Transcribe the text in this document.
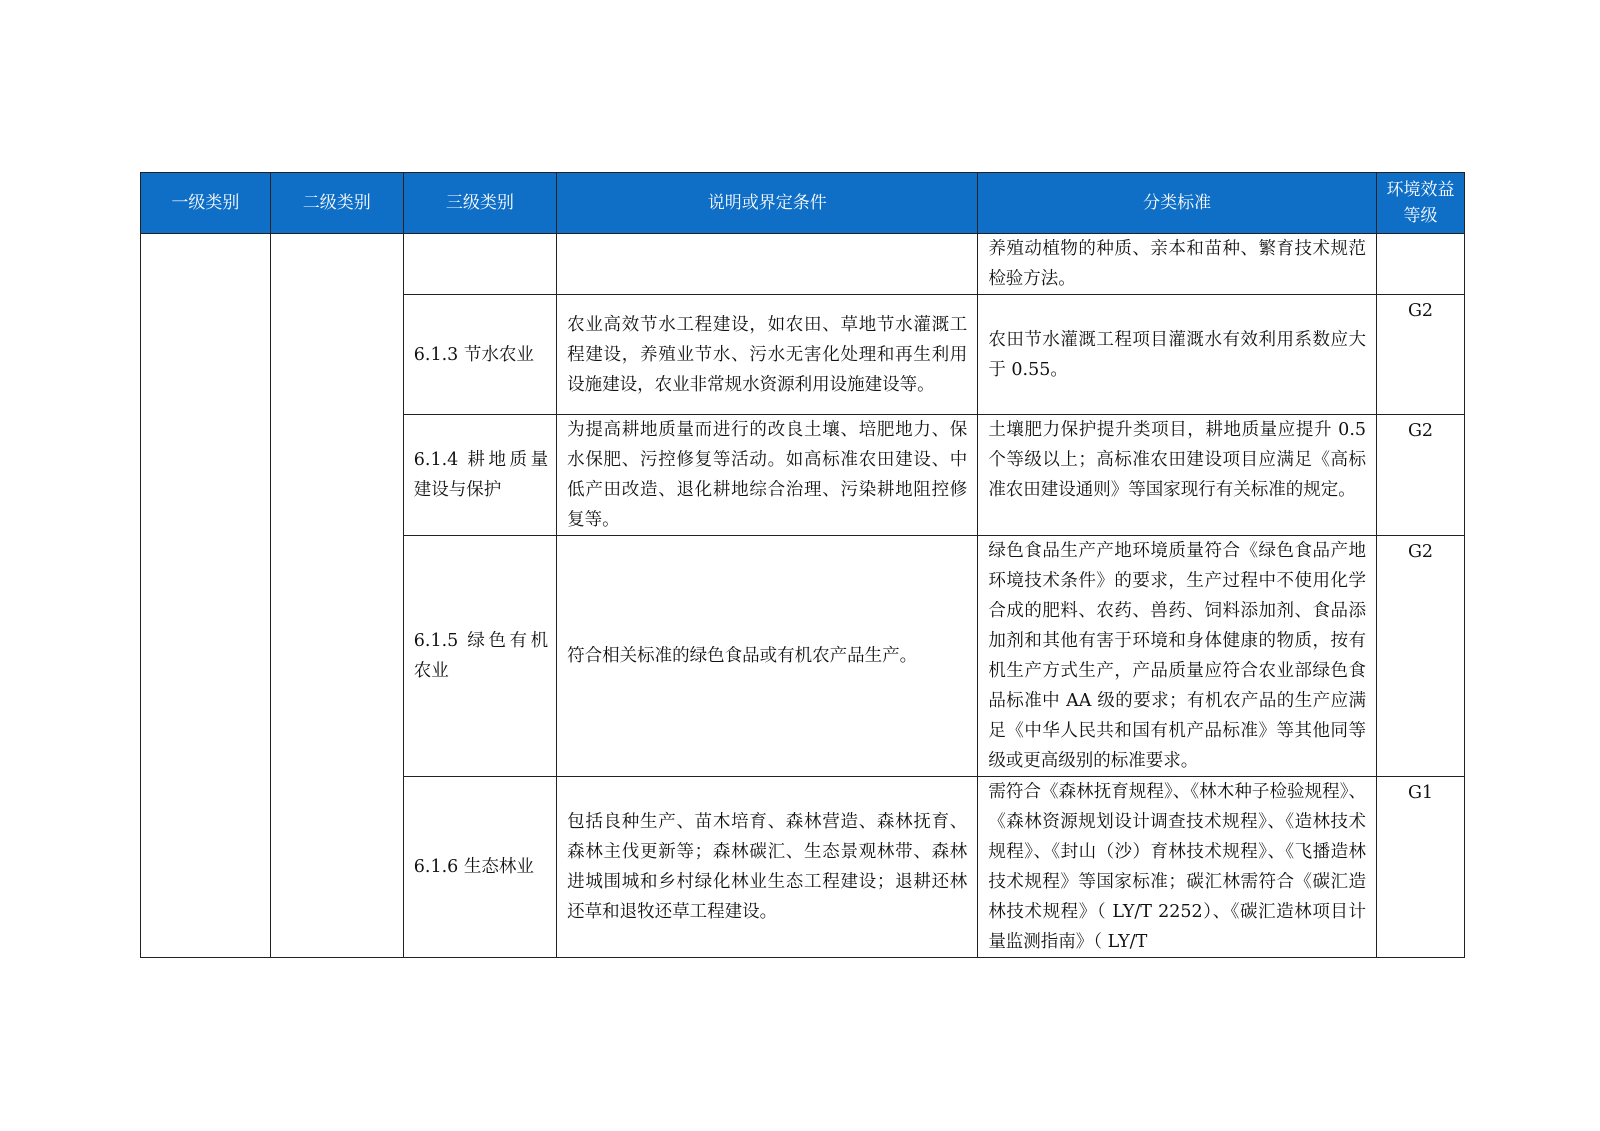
一级类别	二级类别	三级类别	说明或界定条件	分类标准	环境效益等级
				养殖动植物的种质、亲本和苗种、繁育技术规范检验方法。	
		6.1.3 节水农业	农业高效节水工程建设，如农田、草地节水灌溉工程建设，养殖业节水、污水无害化处理和再生利用设施建设，农业非常规水资源利用设施建设等。	农田节水灌溉工程项目灌溉水有效利用系数应大于 0.55。	G2
		6.1.4 耕地质量建设与保护	为提高耕地质量而进行的改良土壤、培肥地力、保水保肥、污控修复等活动。如高标准农田建设、中低产田改造、退化耕地综合治理、污染耕地阻控修复等。	土壤肥力保护提升类项目，耕地质量应提升 0.5 个等级以上；高标准农田建设项目应满足《高标准农田建设通则》等国家现行有关标准的规定。	G2
		6.1.5 绿色有机农业	符合相关标准的绿色食品或有机农产品生产。	绿色食品生产产地环境质量符合《绿色食品产地环境技术条件》的要求，生产过程中不使用化学合成的肥料、农药、兽药、饲料添加剂、食品添加剂和其他有害于环境和身体健康的物质，按有机生产方式生产，产品质量应符合农业部绿色食品标准中 AA 级的要求；有机农产品的生产应满足《中华人民共和国有机产品标准》等其他同等级或更高级别的标准要求。	G2
		6.1.6 生态林业	包括良种生产、苗木培育、森林营造、森林抚育、森林主伐更新等；森林碳汇、生态景观林带、森林进城围城和乡村绿化林业生态工程建设；退耕还林还草和退牧还草工程建设。	需符合《森林抚育规程》、《林木种子检验规程》、《森林资源规划设计调查技术规程》、《造林技术规程》、《封山（沙）育林技术规程》、《飞播造林技术规程》等国家标准；碳汇林需符合《碳汇造林技术规程》（ LY/T 2252）、《碳汇造林项目计量监测指南》（ LY/T	G1
